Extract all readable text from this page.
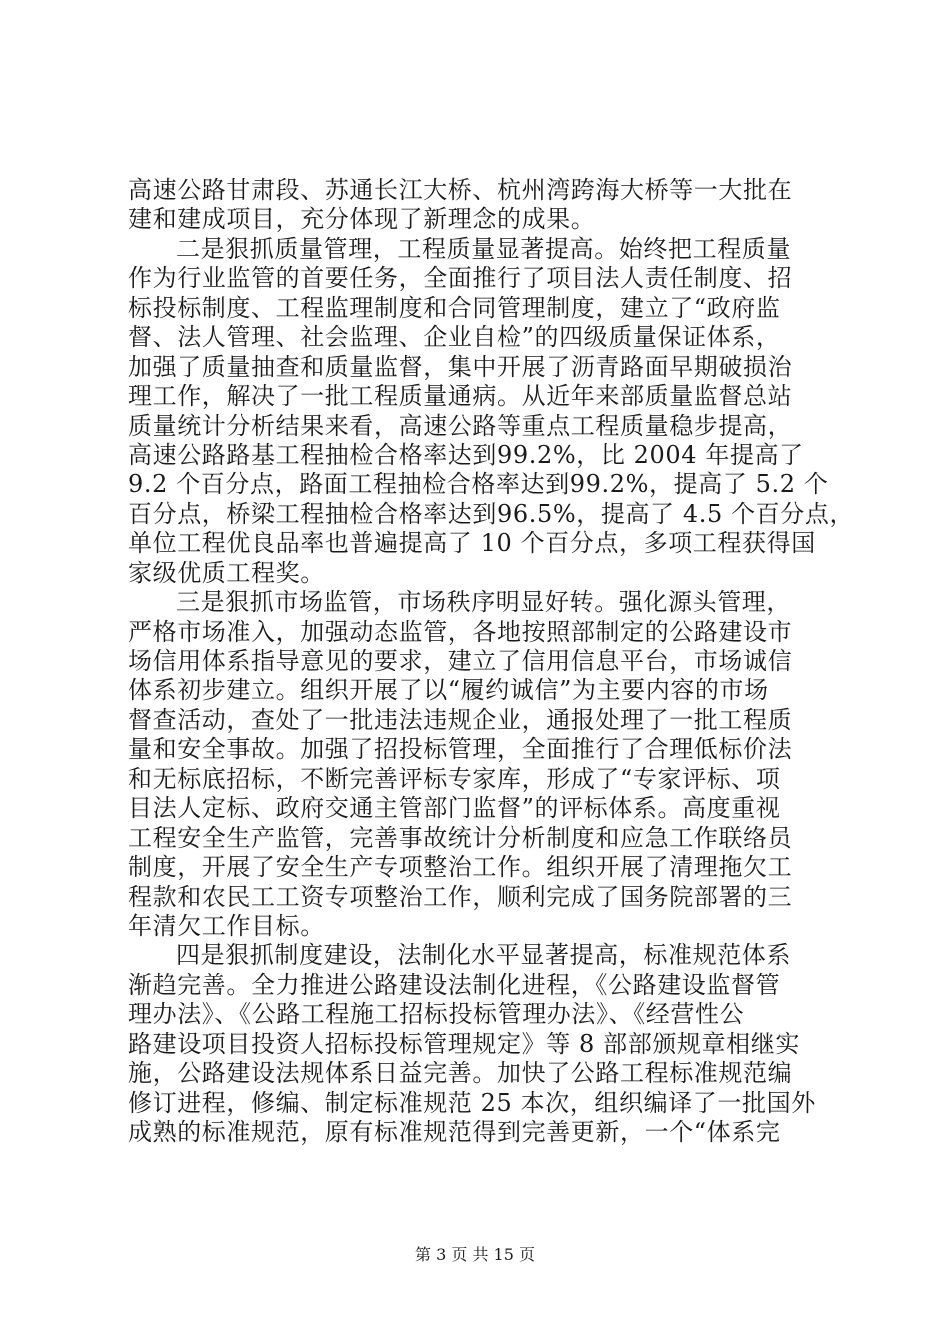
高速公路甘肃段、苏通长江大桥、杭州湾跨海大桥等一大批在
建和建成项目，充分体现了新理念的成果。
二是狠抓质量管理，工程质量显著提高。始终把工程质量
作为行业监管的首要任务，全面推行了项目法人责任制度、招
标投标制度、工程监理制度和合同管理制度，建立了“政府监
督、法人管理、社会监理、企业自检”的四级质量保证体系，
加强了质量抽查和质量监督，集中开展了沥青路面早期破损治
理工作，解决了一批工程质量通病。从近年来部质量监督总站
质量统计分析结果来看，高速公路等重点工程质量稳步提高，
高速公路路基工程抽检合格率达到99.2%，比 2004 年提高了
9.2 个百分点，路面工程抽检合格率达到99.2%，提高了 5.2 个
百分点，桥梁工程抽检合格率达到96.5%，提高了 4.5 个百分点，
单位工程优良品率也普遍提高了 10 个百分点，多项工程获得国
家级优质工程奖。
三是狠抓市场监管，市场秩序明显好转。强化源头管理，
严格市场准入，加强动态监管，各地按照部制定的公路建设市
场信用体系指导意见的要求，建立了信用信息平台，市场诚信
体系初步建立。组织开展了以“履约诚信”为主要内容的市场
督查活动，查处了一批违法违规企业，通报处理了一批工程质
量和安全事故。加强了招投标管理，全面推行了合理低标价法
和无标底招标，不断完善评标专家库，形成了“专家评标、项
目法人定标、政府交通主管部门监督”的评标体系。高度重视
工程安全生产监管，完善事故统计分析制度和应急工作联络员
制度，开展了安全生产专项整治工作。组织开展了清理拖欠工
程款和农民工工资专项整治工作，顺利完成了国务院部署的三
年清欠工作目标。
四是狠抓制度建设，法制化水平显著提高，标准规范体系
渐趋完善。全力推进公路建设法制化进程，《公路建设监督管
理办法》、《公路工程施工招标投标管理办法》、《经营性公
路建设项目投资人招标投标管理规定》等 8 部部颁规章相继实
施，公路建设法规体系日益完善。加快了公路工程标准规范编
修订进程，修编、制定标准规范 25 本次，组织编译了一批国外
成熟的标准规范，原有标准规范得到完善更新，一个“体系完
第 3 页 共 15 页
